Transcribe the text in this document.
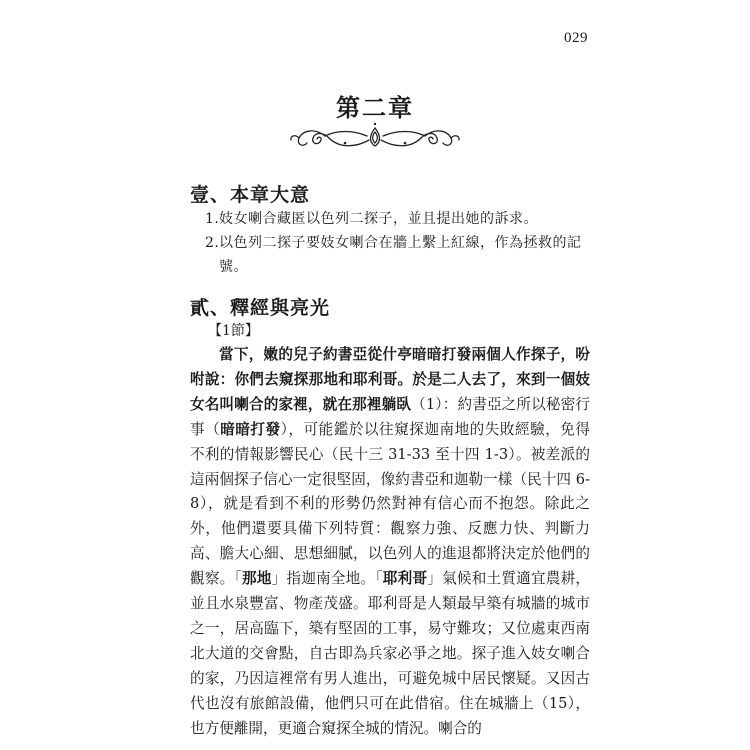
029
第二章
壹、本章大意
1.妓女喇合藏匿以色列二探子，並且提出她的訴求。
2.以色列二探子要妓女喇合在牆上繫上紅線，作為拯救的記
號。
貳、釋經與亮光
【1節】
當下，嫩的兒子約書亞從什亭暗暗打發兩個人作探子，吩咐說：你們去窺探那地和耶利哥。於是二人去了，來到一個妓女名叫喇合的家裡，就在那裡躺臥（1）：約書亞之所以秘密行事（暗暗打發），可能鑑於以往窺探迦南地的失敗經驗，免得不利的情報影響民心（民十三 31-33 至十四 1-3）。被差派的這兩個探子信心一定很堅固，像約書亞和迦勒一樣（民十四 6-8），就是看到不利的形勢仍然對神有信心而不抱怨。除此之外，他們還要具備下列特質：觀察力強、反應力快、判斷力高、膽大心細、思想細膩，以色列人的進退都將決定於他們的觀察。「那地」指迦南全地。「耶利哥」氣候和土質適宜農耕，並且水泉豐富、物產茂盛。耶利哥是人類最早築有城牆的城市之一，居高臨下，築有堅固的工事，易守難攻；又位處東西南北大道的交會點，自古即為兵家必爭之地。探子進入妓女喇合的家，乃因這裡常有男人進出，可避免城中居民懷疑。又因古代也沒有旅館設備，他們只可在此借宿。住在城牆上（15），也方便離開，更適合窺探全城的情況。喇合的
